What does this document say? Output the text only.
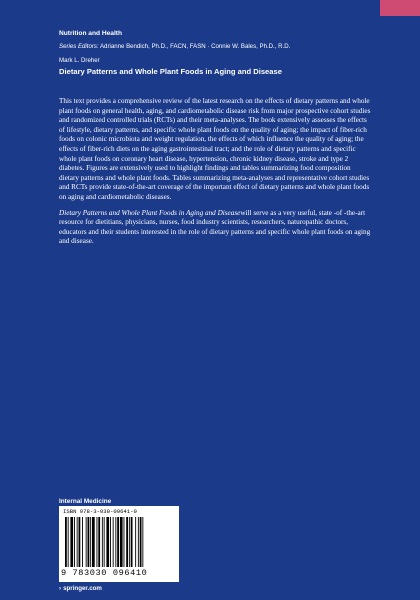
Nutrition and Health
Series Editors: Adrianne Bendich, Ph.D., FACN, FASN · Connie W. Bales, Ph.D., R.D.
Mark L. Dreher
Dietary Patterns and Whole Plant Foods in Aging and Disease

This text provides a comprehensive review of the latest research on the effects of dietary patterns and whole plant foods on general health, aging, and cardiometabolic disease risk from major prospective cohort studies and randomized controlled trials (RCTs) and their meta-analyses. The book extensively assesses the effects of lifestyle, dietary patterns, and specific whole plant foods on the quality of aging; the impact of fiber-rich foods on colonic microbiota and weight regulation, the effects of which influence the quality of aging; the effects of fiber-rich diets on the aging gastrointestinal tract; and the role of dietary patterns and specific whole plant foods on coronary heart disease, hypertension, chronic kidney disease, stroke and type 2 diabetes. Figures are extensively used to highlight findings and tables summarizing food composition dietary patterns and whole plant foods. Tables summarizing meta-analyses and representative cohort studies and RCTs provide state-of-the-art coverage of the important effect of dietary patterns and whole plant foods on aging and cardiometabolic diseases.

Dietary Patterns and Whole Plant Foods in Aging and Diseasewill serve as a very useful, state -of -the-art resource for dietitians, physicians, nurses, food industry scientists, researchers, naturopathic doctors, educators and their students interested in the role of dietary patterns and specific whole plant foods on aging and disease.

Internal Medicine
ISBN 978-3-030-09641-0
9 783030 096410
› springer.com
